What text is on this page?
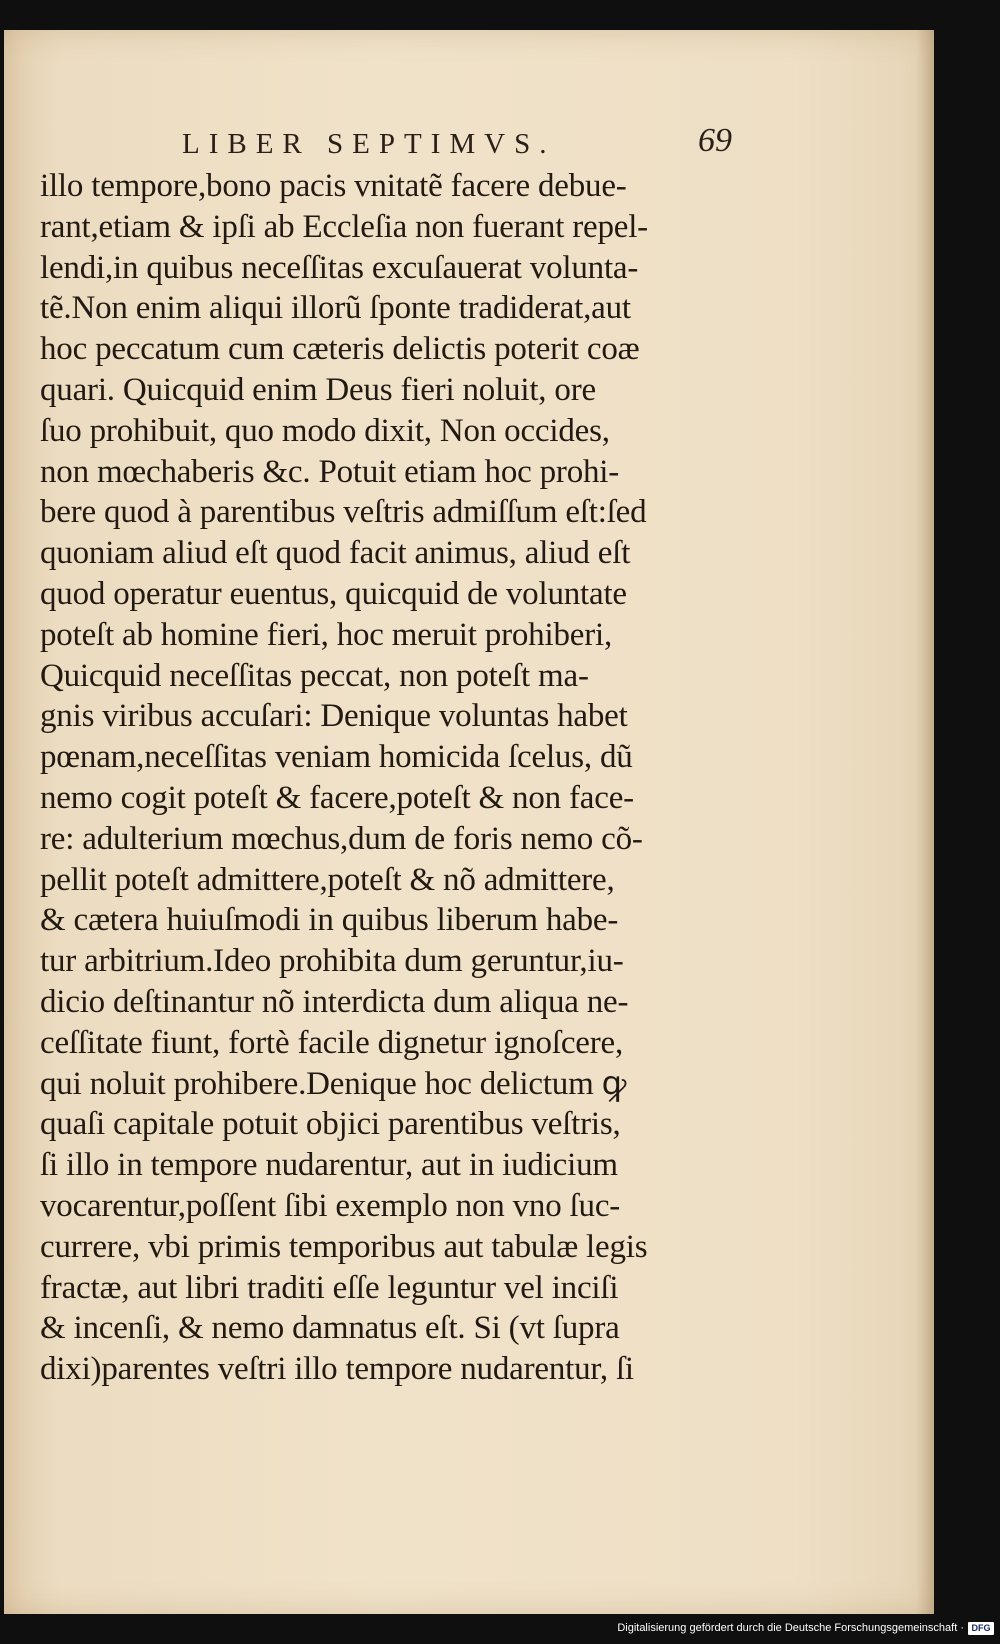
LIBER SEPTIMVS.	69
illo tempore,bono pacis vnitatẽ facere debue-
rant,etiam & ipſi ab Eccleſia non fuerant repel-
lendi,in quibus neceſſitas excuſauerat volunta-
tẽ.Non enim aliqui illorũ ſponte tradiderat,aut
hoc peccatum cum cæteris delictis poterit coæ
quari. Quicquid enim Deus fieri noluit, ore
ſuo prohibuit, quo modo dixit, Non occides,
non mœchaberis &c. Potuit etiam hoc prohi-
bere quod à parentibus veſtris admiſſum eſt:ſed
quoniam aliud eſt quod facit animus, aliud eſt
quod operatur euentus, quicquid de voluntate
poteſt ab homine fieri, hoc meruit prohiberi,
Quicquid neceſſitas peccat, non poteſt ma-
gnis viribus accuſari: Denique voluntas habet
pœnam,neceſſitas veniam homicida ſcelus, dũ
nemo cogit poteſt & facere,poteſt & non face-
re: adulterium mœchus,dum de foris nemo cõ-
pellit poteſt admittere,poteſt & nõ admittere,
& cætera huiuſmodi in quibus liberum habe-
tur arbitrium.Ideo prohibita dum geruntur,iu-
dicio deſtinantur nõ interdicta dum aliqua ne-
ceſſitate fiunt, fortè facile dignetur ignoſcere,
qui noluit prohibere.Denique hoc delictum ꝙ
quaſi capitale potuit objici parentibus veſtris,
ſi illo in tempore nudarentur, aut in iudicium
vocarentur,poſſent ſibi exemplo non vno ſuc-
currere, vbi primis temporibus aut tabulæ legis
fractæ, aut libri traditi eſſe leguntur vel inciſi
& incenſi, & nemo damnatus eſt. Si (vt ſupra
dixi)parentes veſtri illo tempore nudarentur, ſi
Digitalisierung gefördert durch die Deutsche Forschungsgemeinschaft · DFG
